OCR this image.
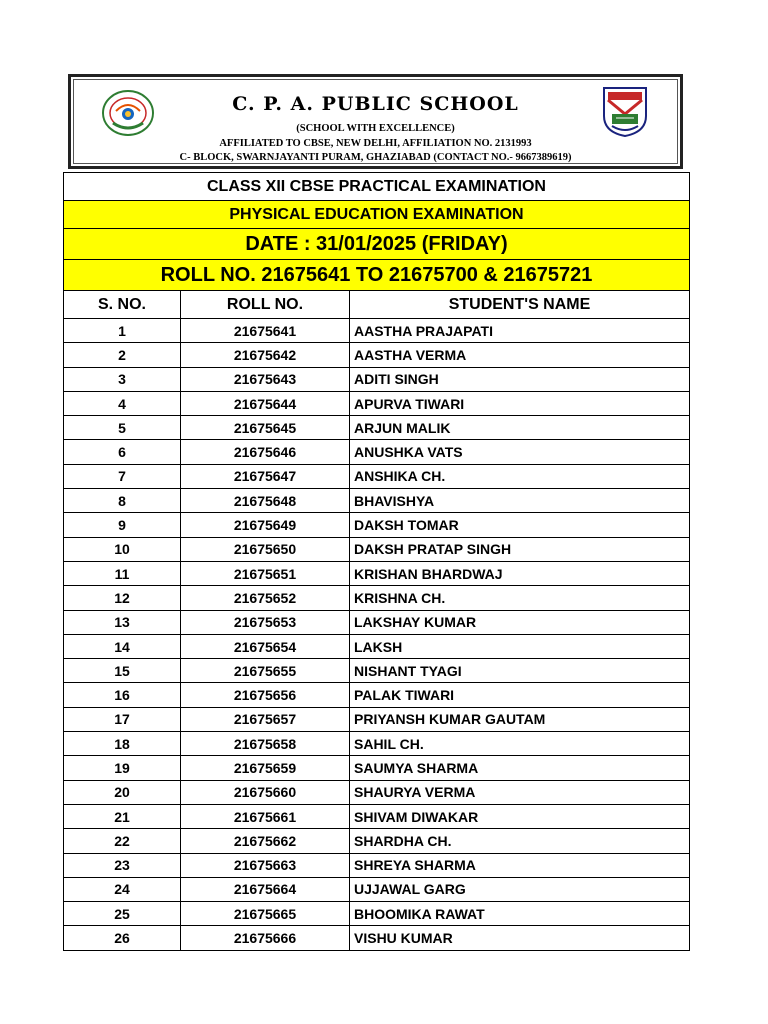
C. P. A. PUBLIC SCHOOL
(SCHOOL WITH EXCELLENCE)
AFFILIATED TO CBSE, NEW DELHI, AFFILIATION NO. 2131993
C- BLOCK, SWARNJAYANTI PURAM, GHAZIABAD (CONTACT NO.- 9667389619)
CLASS XII CBSE PRACTICAL EXAMINATION		
PHYSICAL EDUCATION EXAMINATION		
DATE : 31/01/2025 (FRIDAY)		
ROLL NO. 21675641 TO 21675700 & 21675721		
S. NO.	ROLL NO.	STUDENT'S NAME
1	21675641	AASTHA PRAJAPATI
2	21675642	AASTHA VERMA
3	21675643	ADITI SINGH
4	21675644	APURVA TIWARI
5	21675645	ARJUN MALIK
6	21675646	ANUSHKA VATS
7	21675647	ANSHIKA CH.
8	21675648	BHAVISHYA
9	21675649	DAKSH TOMAR
10	21675650	DAKSH PRATAP SINGH
11	21675651	KRISHAN BHARDWAJ
12	21675652	KRISHNA CH.
13	21675653	LAKSHAY KUMAR
14	21675654	LAKSH
15	21675655	NISHANT TYAGI
16	21675656	PALAK TIWARI
17	21675657	PRIYANSH KUMAR GAUTAM
18	21675658	SAHIL CH.
19	21675659	SAUMYA SHARMA
20	21675660	SHAURYA VERMA
21	21675661	SHIVAM DIWAKAR
22	21675662	SHARDHA CH.
23	21675663	SHREYA SHARMA
24	21675664	UJJAWAL GARG
25	21675665	BHOOMIKA RAWAT
26	21675666	VISHU KUMAR
